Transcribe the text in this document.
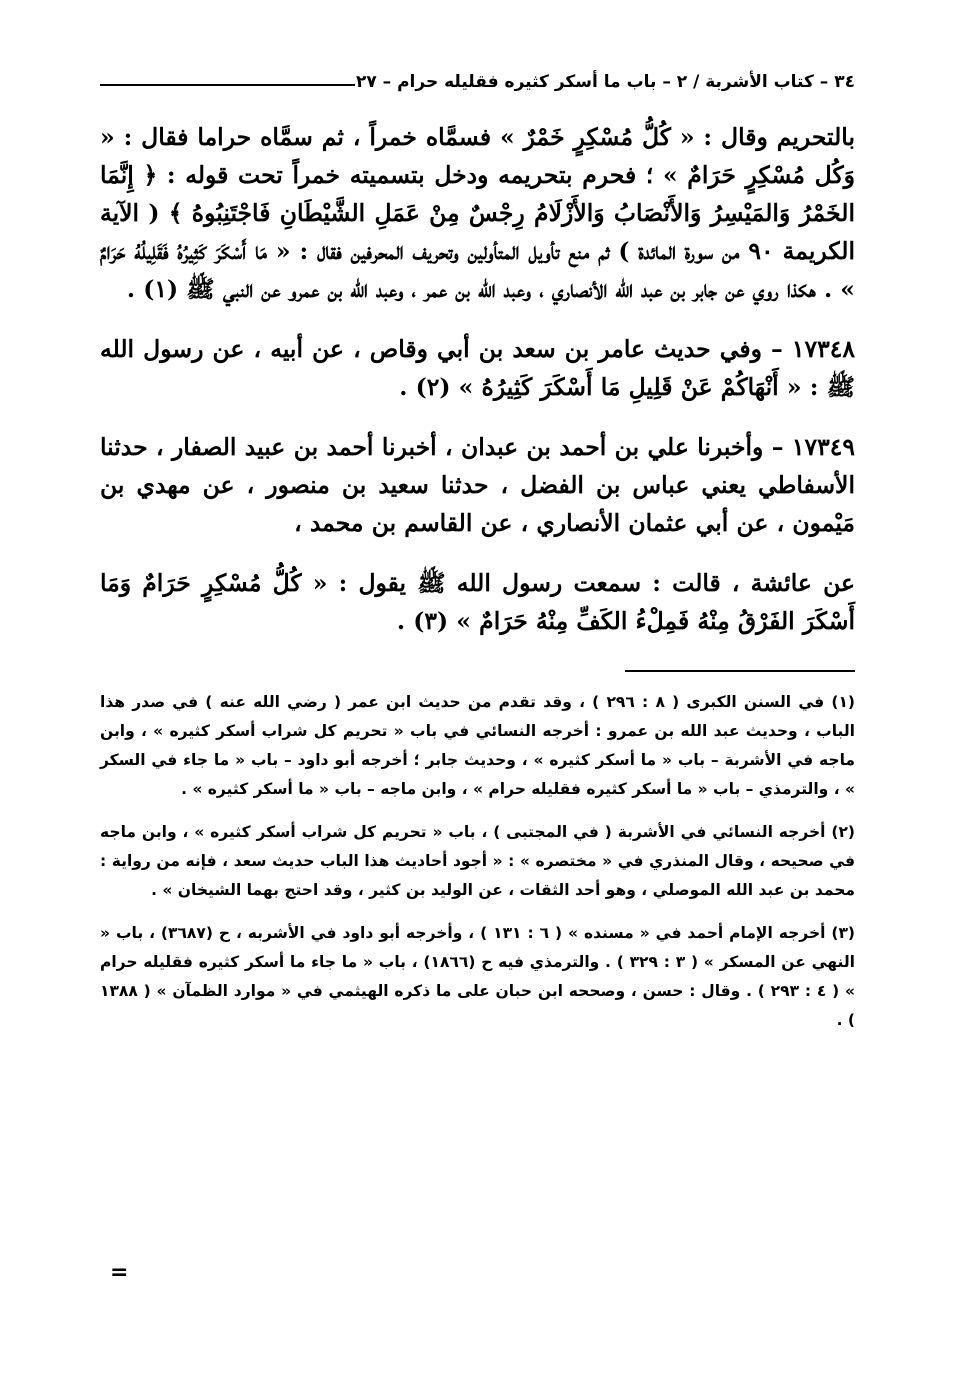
٣٤ – كتاب الأشربة / ٢ – باب ما أسكر كثيره فقليله حرام – ٢٧

بالتحريم وقال : « كُلُّ مُسْكِرٍ خَمْرٌ » فسمَّاه خمراً ، ثم سمَّاه حراما فقال : « وَكُل مُسْكِرٍ حَرَامٌ » ؛ فحرم بتحريمه ودخل بتسميته خمراً تحت قوله : ﴿ إِنَّمَا الخَمْرُ وَالمَيْسِرُ وَالأَنْصَابُ وَالأَزْلَامُ رِجْسٌ مِنْ عَمَلِ الشَّيْطَانِ فَاجْتَنِبُوهُ ﴾ ( الآية الكريمة ٩٠ من سورة المائدة ) ثم منع تأويل المتأولين وتحريف المحرفين فقال : « مَا أَسْكَرَ كَثِيرُهُ فَقَلِيلُهُ حَرَامٌ » . هكذا روي عن جابر بن عبد الله الأنصاري ، وعبد الله بن عمر ، وعبد الله بن عمرو عن النبي ﷺ (١) .

١٧٣٤٨ – وفي حديث عامر بن سعد بن أبي وقاص ، عن أبيه ، عن رسول الله ﷺ : « أَنْهَاكُمْ عَنْ قَلِيلِ مَا أَسْكَرَ كَثِيرُهُ » (٢) .

١٧٣٤٩ – وأخبرنا علي بن أحمد بن عبدان ، أخبرنا أحمد بن عبيد الصفار ، حدثنا الأسفاطي يعني عباس بن الفضل ، حدثنا سعيد بن منصور ، عن مهدي بن مَيْمون ، عن أبي عثمان الأنصاري ، عن القاسم بن محمد ،

عن عائشة ، قالت : سمعت رسول الله ﷺ يقول : « كُلُّ مُسْكِرٍ حَرَامٌ وَمَا أَسْكَرَ الفَرْقُ مِنْهُ فَمِلْءُ الكَفِّ مِنْهُ حَرَامٌ » (٣) .

(١) في السنن الكبرى ( ٨ : ٢٩٦ ) ، وقد تقدم من حديث ابن عمر ( رضي الله عنه ) في صدر هذا الباب ، وحديث عبد الله بن عمرو : أخرجه النسائي في باب « تحريم كل شراب أسكر كثيره » ، وابن ماجه في الأشربة – باب « ما أسكر كثيره » ، وحديث جابر ؛ أخرجه أبو داود – باب « ما جاء في السكر » ، والترمذي – باب « ما أسكر كثيره فقليله حرام » ، وابن ماجه – باب « ما أسكر كثيره » .

(٢) أخرجه النسائي في الأشربة ( في المجتبى ) ، باب « تحريم كل شراب أسكر كثيره » ، وابن ماجه في صحيحه ، وقال المنذري في « مختصره » : « أجود أحاديث هذا الباب حديث سعد ، فإنه من رواية : محمد بن عبد الله الموصلي ، وهو أحد الثقات ، عن الوليد بن كثير ، وقد احتج بهما الشيخان » .

(٣) أخرجه الإمام أحمد في « مسنده » ( ٦ : ١٣١ ) ، وأخرجه أبو داود في الأشربه ، ح (٣٦٨٧) ، باب « النهي عن المسكر » ( ٣ : ٣٢٩ ) . والترمذي فيه ح (١٨٦٦) ، باب « ما جاء ما أسكر كثيره فقليله حرام » ( ٤ : ٢٩٣ ) . وقال : حسن ، وصححه ابن حبان على ما ذكره الهيثمي في « موارد الظمآن » ( ١٣٨٨ ) .

=
